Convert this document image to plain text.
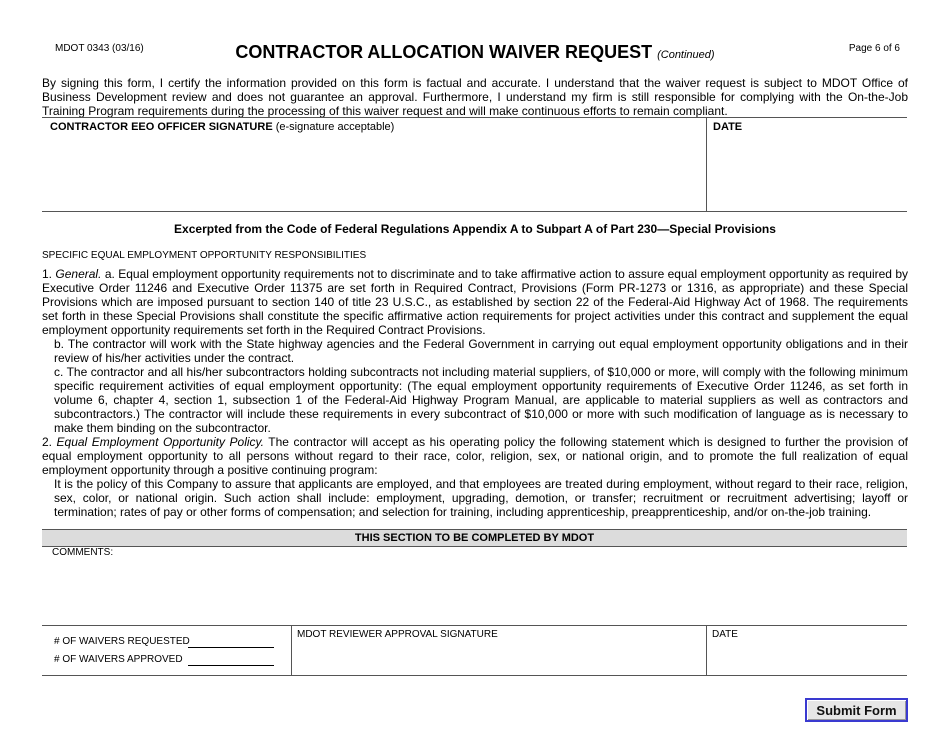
MDOT 0343 (03/16)	CONTRACTOR ALLOCATION WAIVER REQUEST (Continued)
Page 6 of 6
By signing this form, I certify the information provided on this form is factual and accurate. I understand that the waiver request is subject to MDOT Office of Business Development review and does not guarantee an approval. Furthermore, I understand my firm is still responsible for complying with the On-the-Job Training Program requirements during the processing of this waiver request and will make continuous efforts to remain compliant.
CONTRACTOR EEO OFFICER SIGNATURE (e-signature acceptable)	DATE
Excerpted from the Code of Federal Regulations Appendix A to Subpart A of Part 230—Special Provisions
SPECIFIC EQUAL EMPLOYMENT OPPORTUNITY RESPONSIBILITIES

1. General. a. Equal employment opportunity requirements not to discriminate and to take affirmative action to assure equal employment opportunity as required by Executive Order 11246 and Executive Order 11375 are set forth in Required Contract, Provisions (Form PR-1273 or 1316, as appropriate) and these Special Provisions which are imposed pursuant to section 140 of title 23 U.S.C., as established by section 22 of the Federal-Aid Highway Act of 1968. The requirements set forth in these Special Provisions shall constitute the specific affirmative action requirements for project activities under this contract and supplement the equal employment opportunity requirements set forth in the Required Contract Provisions.

b. The contractor will work with the State highway agencies and the Federal Government in carrying out equal employment opportunity obligations and in their review of his/her activities under the contract.

c. The contractor and all his/her subcontractors holding subcontracts not including material suppliers, of $10,000 or more, will comply with the following minimum specific requirement activities of equal employment opportunity: (The equal employment opportunity requirements of Executive Order 11246, as set forth in volume 6, chapter 4, section 1, subsection 1 of the Federal-Aid Highway Program Manual, are applicable to material suppliers as well as contractors and subcontractors.) The contractor will include these requirements in every subcontract of $10,000 or more with such modification of language as is necessary to make them binding on the subcontractor.

2. Equal Employment Opportunity Policy. The contractor will accept as his operating policy the following statement which is designed to further the provision of equal employment opportunity to all persons without regard to their race, color, religion, sex, or national origin, and to promote the full realization of equal employment opportunity through a positive continuing program:

It is the policy of this Company to assure that applicants are employed, and that employees are treated during employment, without regard to their race, religion, sex, color, or national origin. Such action shall include: employment, upgrading, demotion, or transfer; recruitment or recruitment advertising; layoff or termination; rates of pay or other forms of compensation; and selection for training, including apprenticeship, preapprenticeship, and/or on-the-job training.

THIS SECTION TO BE COMPLETED BY MDOT
COMMENTS:
# OF WAIVERS REQUESTED
# OF WAIVERS APPROVED
MDOT REVIEWER APPROVAL SIGNATURE	DATE
Submit Form
